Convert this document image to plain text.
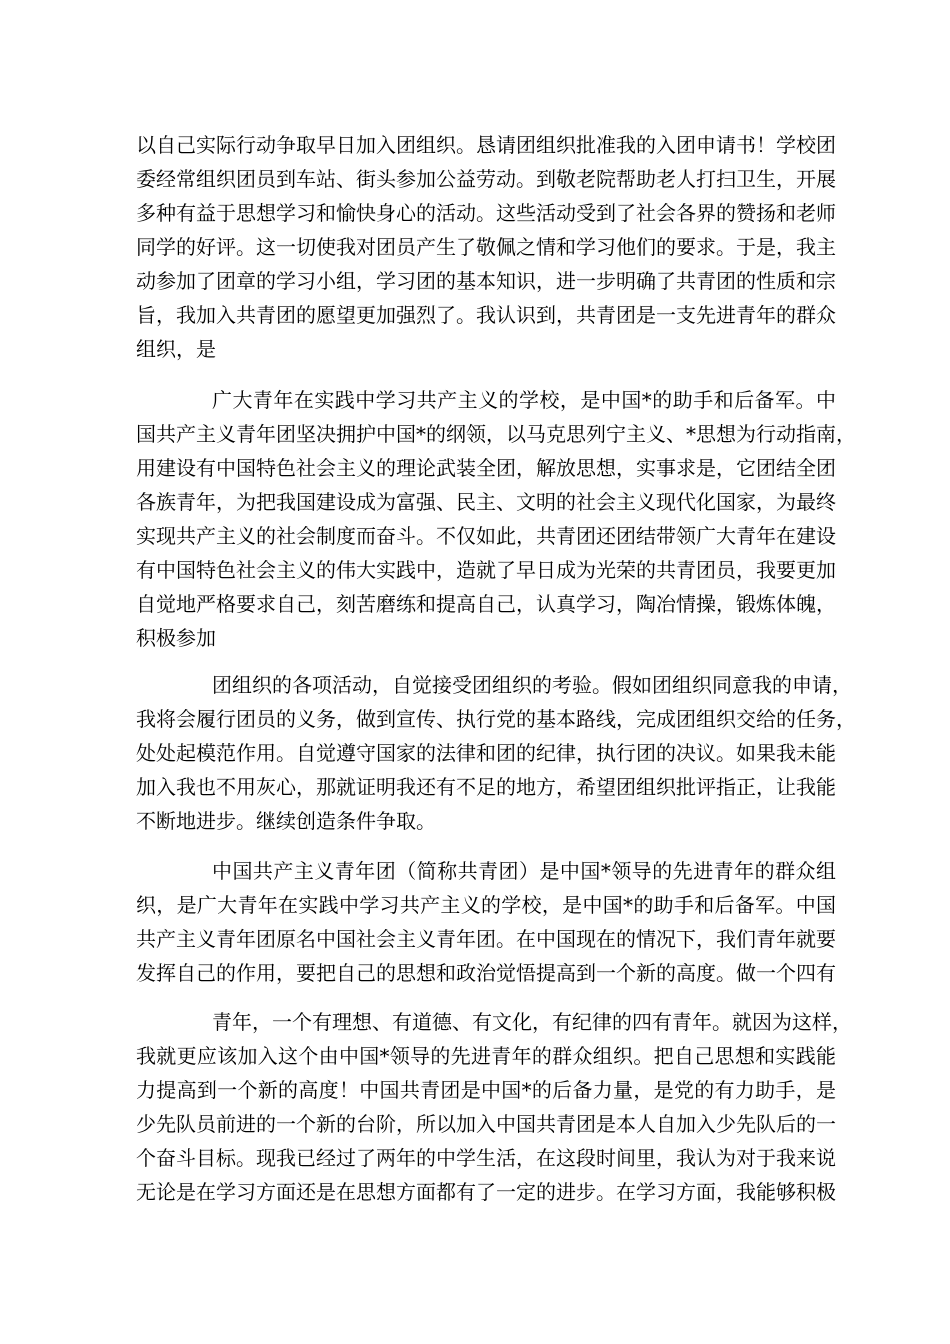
以自己实际行动争取早日加入团组织。恳请团组织批准我的入团申请书！学校团
委经常组织团员到车站、街头参加公益劳动。到敬老院帮助老人打扫卫生，开展
多种有益于思想学习和愉快身心的活动。这些活动受到了社会各界的赞扬和老师
同学的好评。这一切使我对团员产生了敬佩之情和学习他们的要求。于是，我主
动参加了团章的学习小组，学习团的基本知识，进一步明确了共青团的性质和宗
旨，我加入共青团的愿望更加强烈了。我认识到，共青团是一支先进青年的群众
组织，是
广大青年在实践中学习共产主义的学校，是中国*的助手和后备军。中
国共产主义青年团坚决拥护中国*的纲领，以马克思列宁主义、*思想为行动指南，
用建设有中国特色社会主义的理论武装全团，解放思想，实事求是，它团结全团
各族青年，为把我国建设成为富强、民主、文明的社会主义现代化国家，为最终
实现共产主义的社会制度而奋斗。不仅如此，共青团还团结带领广大青年在建设
有中国特色社会主义的伟大实践中，造就了早日成为光荣的共青团员，我要更加
自觉地严格要求自己，刻苦磨练和提高自己，认真学习，陶冶情操，锻炼体魄，
积极参加
团组织的各项活动，自觉接受团组织的考验。假如团组织同意我的申请，
我将会履行团员的义务，做到宣传、执行党的基本路线，完成团组织交给的任务，
处处起模范作用。自觉遵守国家的法律和团的纪律，执行团的决议。如果我未能
加入我也不用灰心，那就证明我还有不足的地方，希望团组织批评指正，让我能
不断地进步。继续创造条件争取。
中国共产主义青年团（简称共青团）是中国*领导的先进青年的群众组
织，是广大青年在实践中学习共产主义的学校，是中国*的助手和后备军。中国
共产主义青年团原名中国社会主义青年团。在中国现在的情况下，我们青年就要
发挥自己的作用，要把自己的思想和政治觉悟提高到一个新的高度。做一个四有
青年，一个有理想、有道德、有文化，有纪律的四有青年。就因为这样，
我就更应该加入这个由中国*领导的先进青年的群众组织。把自己思想和实践能
力提高到一个新的高度！中国共青团是中国*的后备力量，是党的有力助手，是
少先队员前进的一个新的台阶，所以加入中国共青团是本人自加入少先队后的一
个奋斗目标。现我已经过了两年的中学生活，在这段时间里，我认为对于我来说
无论是在学习方面还是在思想方面都有了一定的进步。在学习方面，我能够积极
